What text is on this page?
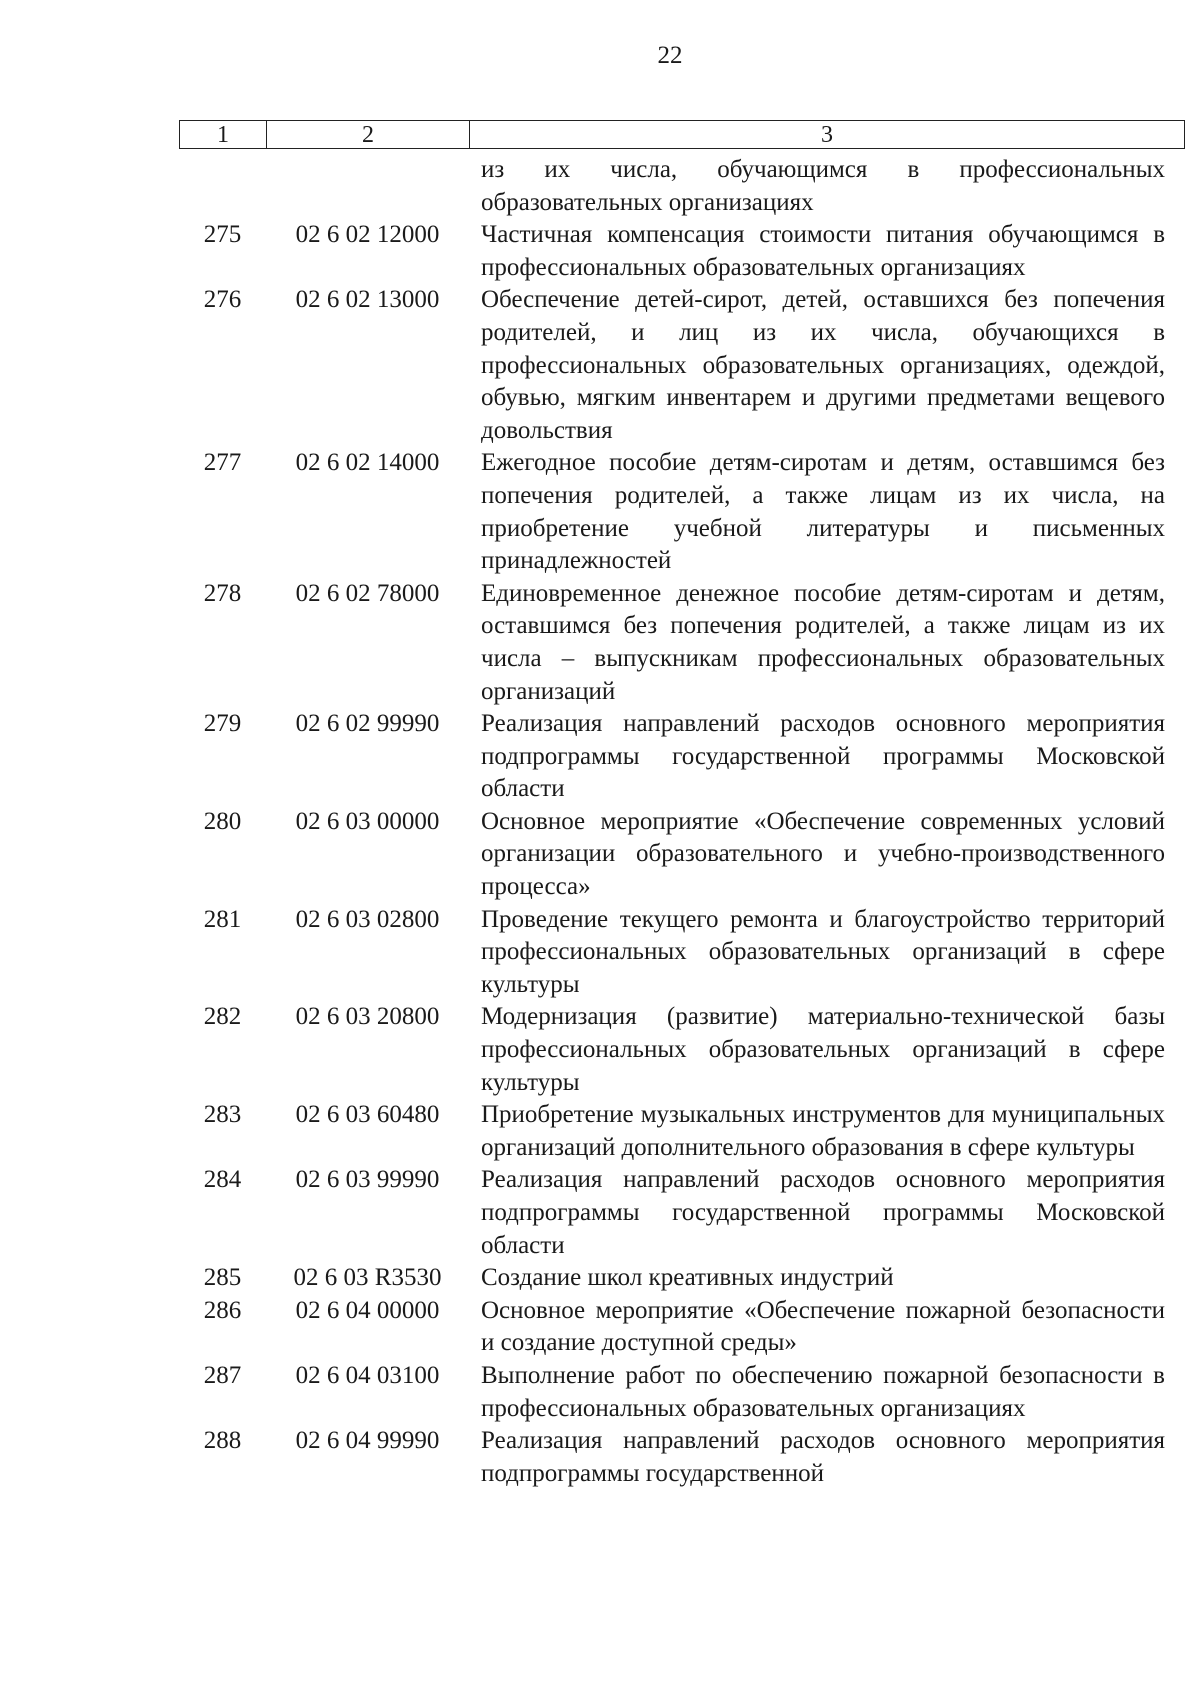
22
1	2	3
из их числа, обучающимся в профессиональных образовательных организациях
275	02 6 02 12000	Частичная компенсация стоимости питания обучающимся в профессиональных образовательных организациях
276	02 6 02 13000	Обеспечение детей-сирот, детей, оставшихся без попечения родителей, и лиц из их числа, обучающихся в профессиональных образовательных организациях, одеждой, обувью, мягким инвентарем и другими предметами вещевого довольствия
277	02 6 02 14000	Ежегодное пособие детям-сиротам и детям, оставшимся без попечения родителей, а также лицам из их числа, на приобретение учебной литературы и письменных принадлежностей
278	02 6 02 78000	Единовременное денежное пособие детям-сиротам и детям, оставшимся без попечения родителей, а также лицам из их числа – выпускникам профессиональных образовательных организаций
279	02 6 02 99990	Реализация направлений расходов основного мероприятия подпрограммы государственной программы Московской области
280	02 6 03 00000	Основное мероприятие «Обеспечение современных условий организации образовательного и учебно-производственного процесса»
281	02 6 03 02800	Проведение текущего ремонта и благоустройство территорий профессиональных образовательных организаций в сфере культуры
282	02 6 03 20800	Модернизация (развитие) материально-технической базы профессиональных образовательных организаций в сфере культуры
283	02 6 03 60480	Приобретение музыкальных инструментов для муниципальных организаций дополнительного образования в сфере культуры
284	02 6 03 99990	Реализация направлений расходов основного мероприятия подпрограммы государственной программы Московской области
285	02 6 03 R3530	Создание школ креативных индустрий
286	02 6 04 00000	Основное мероприятие «Обеспечение пожарной безопасности и создание доступной среды»
287	02 6 04 03100	Выполнение работ по обеспечению пожарной безопасности в профессиональных образовательных организациях
288	02 6 04 99990	Реализация направлений расходов основного мероприятия подпрограммы государственной
